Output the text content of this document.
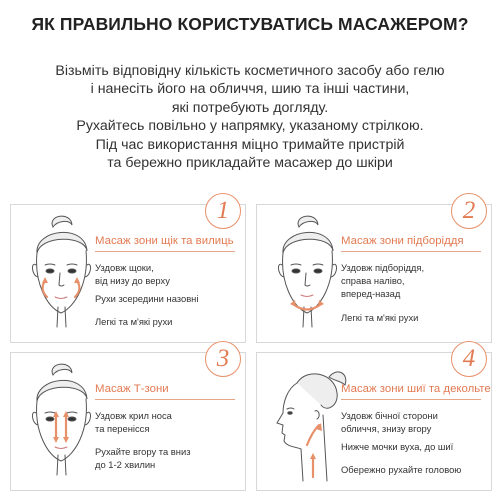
ЯК ПРАВИЛЬНО КОРИСТУВАТИСЬ МАСАЖЕРОМ?
Візьміть відповідну кількість косметичного засобу або гелю
і нанесіть його на обличчя, шию та інші частини,
які потребують догляду.
Рухайтесь повільно у напрямку, указаному стрілкою.
Під час використання міцно тримайте пристрій
та бережно прикладайте масажер до шкіри
1
Масаж зони щік та вилиць
Уздовж щоки,
від низу до верху
Рухи зсередини назовні
Легкі та м'які рухи
2
Масаж зони підборіддя
Уздовж підборіддя,
справа наліво,
вперед-назад
Легкі та м'які рухи
3
Масаж Т-зони
Уздовж крил носа
та перенісся
Рухайте вгору та вниз
до 1-2 хвилин
4
Масаж зони шиї та декольте
Уздовж бічної сторони
обличчя, знизу вгору
Нижче мочки вуха, до шиї
Обережно рухайте головою
